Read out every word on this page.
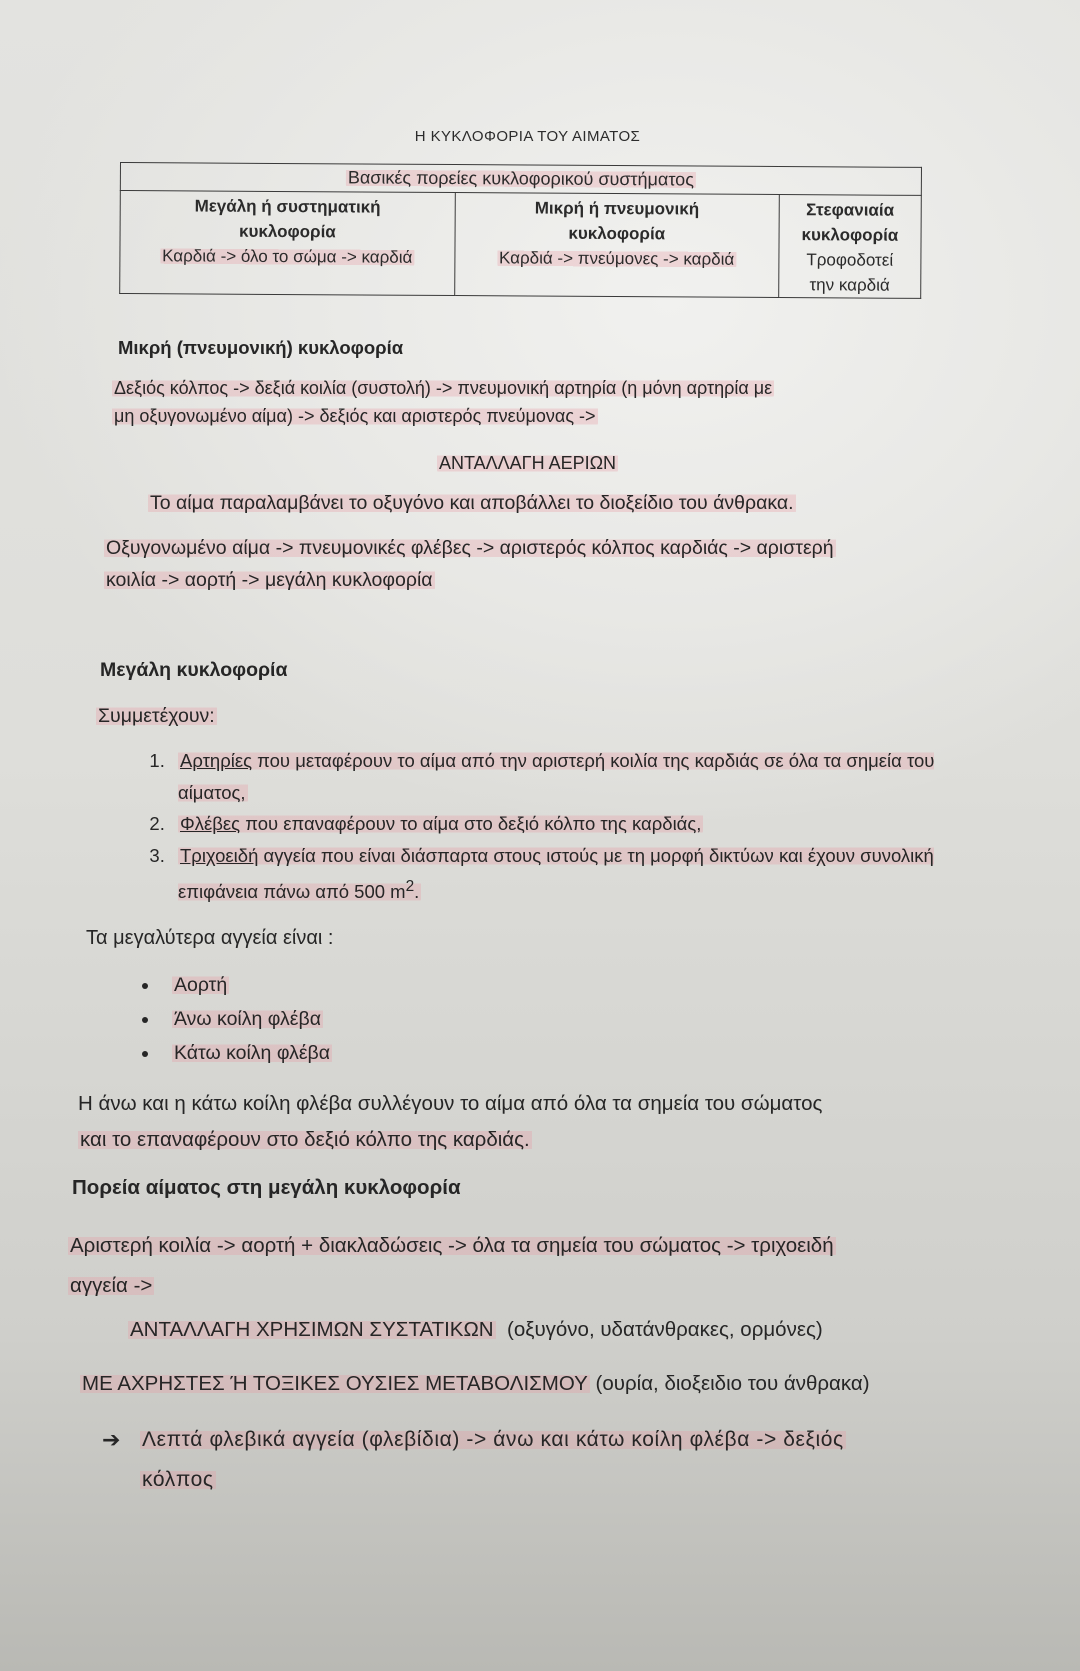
Η ΚΥΚΛΟΦΟΡΙΑ ΤΟΥ ΑΙΜΑΤΟΣ
Βασικές πορείες κυκλοφορικού συστήματος

Μεγάλη ή συστηματική
κυκλοφορία
Καρδιά -> όλο το σώμα -> καρδιά

Μικρή ή πνευμονική
κυκλοφορία
Καρδιά -> πνεύμονες -> καρδιά

Στεφανιαία
κυκλοφορία
Τροφοδοτεί
την καρδιά
Μικρή (πνευμονική) κυκλοφορία
Δεξιός κόλπος -> δεξιά κοιλία (συστολή) -> πνευμονική αρτηρία (η μόνη αρτηρία με
μη οξυγονωμένο αίμα) -> δεξιός και αριστερός πνεύμονας ->
ΑΝΤΑΛΛΑΓΗ ΑΕΡΙΩΝ
Το αίμα παραλαμβάνει το οξυγόνο και αποβάλλει το διοξείδιο του άνθρακα.
Οξυγονωμένο αίμα -> πνευμονικές φλέβες -> αριστερός κόλπος καρδιάς -> αριστερή
κοιλία -> αορτή -> μεγάλη κυκλοφορία
Μεγάλη κυκλοφορία
Συμμετέχουν:
1. Αρτηρίες που μεταφέρουν το αίμα από την αριστερή κοιλία της καρδιάς σε όλα τα σημεία του αίματος,
2. Φλέβες που επαναφέρουν το αίμα στο δεξιό κόλπο της καρδιάς,
3. Τριχοειδή αγγεία που είναι διάσπαρτα στους ιστούς με τη μορφή δικτύων και έχουν συνολική επιφάνεια πάνω από 500 $m^2$.
Τα μεγαλύτερα αγγεία είναι :
• Αορτή
• Άνω κοίλη φλέβα
• Κάτω κοίλη φλέβα
Η άνω και η κάτω κοίλη φλέβα συλλέγουν το αίμα από όλα τα σημεία του σώματος
και το επαναφέρουν στο δεξιό κόλπο της καρδιάς.
Πορεία αίματος στη μεγάλη κυκλοφορία
Αριστερή κοιλία -> αορτή + διακλαδώσεις -> όλα τα σημεία του σώματος -> τριχοειδή
αγγεία ->
ΑΝΤΑΛΛΑΓΗ ΧΡΗΣΙΜΩΝ ΣΥΣΤΑΤΙΚΩΝ (οξυγόνο, υδατάνθρακες, ορμόνες)
ΜΕ ΑΧΡΗΣΤΕΣ Ή ΤΟΞΙΚΕΣ ΟΥΣΙΕΣ ΜΕΤΑΒΟΛΙΣΜΟΥ (ουρία, διοξειδιο του άνθρακα)
➔	Λεπτά φλεβικά αγγεία (φλεβίδια) -> άνω και κάτω κοίλη φλέβα -> δεξιός
κόλπος
